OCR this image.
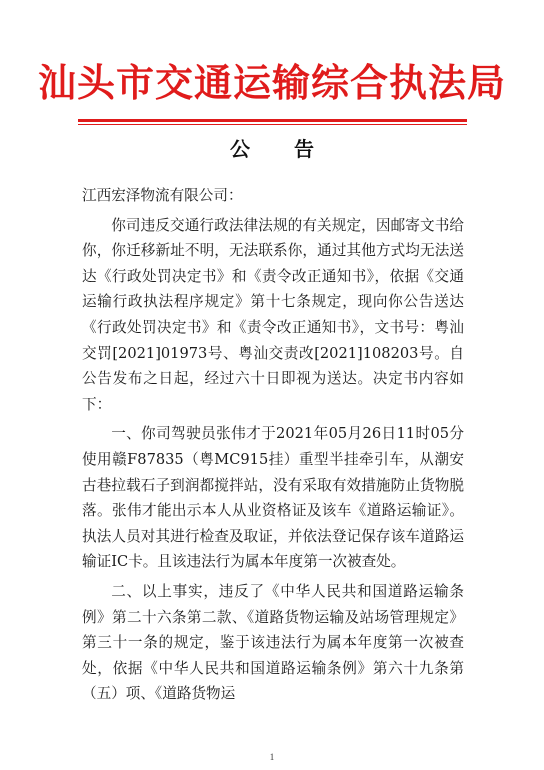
汕头市交通运输综合执法局
公告

江西宏泽物流有限公司：

你司违反交通行政法律法规的有关规定，因邮寄文书给你，你迁移新址不明，无法联系你，通过其他方式均无法送达《行政处罚决定书》和《责令改正通知书》，依据《交通运输行政执法程序规定》第十七条规定，现向你公告送达《行政处罚决定书》和《责令改正通知书》，文书号：粤汕交罚[2021]01973号、粤汕交责改[2021]108203号。自公告发布之日起，经过六十日即视为送达。决定书内容如下：

一、你司驾驶员张伟才于2021年05月26日11时05分使用赣F87835（粤MC915挂）重型半挂牵引车，从潮安古巷拉载石子到润都搅拌站，没有采取有效措施防止货物脱落。张伟才能出示本人从业资格证及该车《道路运输证》。执法人员对其进行检查及取证，并依法登记保存该车道路运输证IC卡。且该违法行为属本年度第一次被查处。

二、以上事实，违反了《中华人民共和国道路运输条例》第二十六条第二款、《道路货物运输及站场管理规定》第三十一条的规定，鉴于该违法行为属本年度第一次被查处，依据《中华人民共和国道路运输条例》第六十九条第（五）项、《道路货物运

1
